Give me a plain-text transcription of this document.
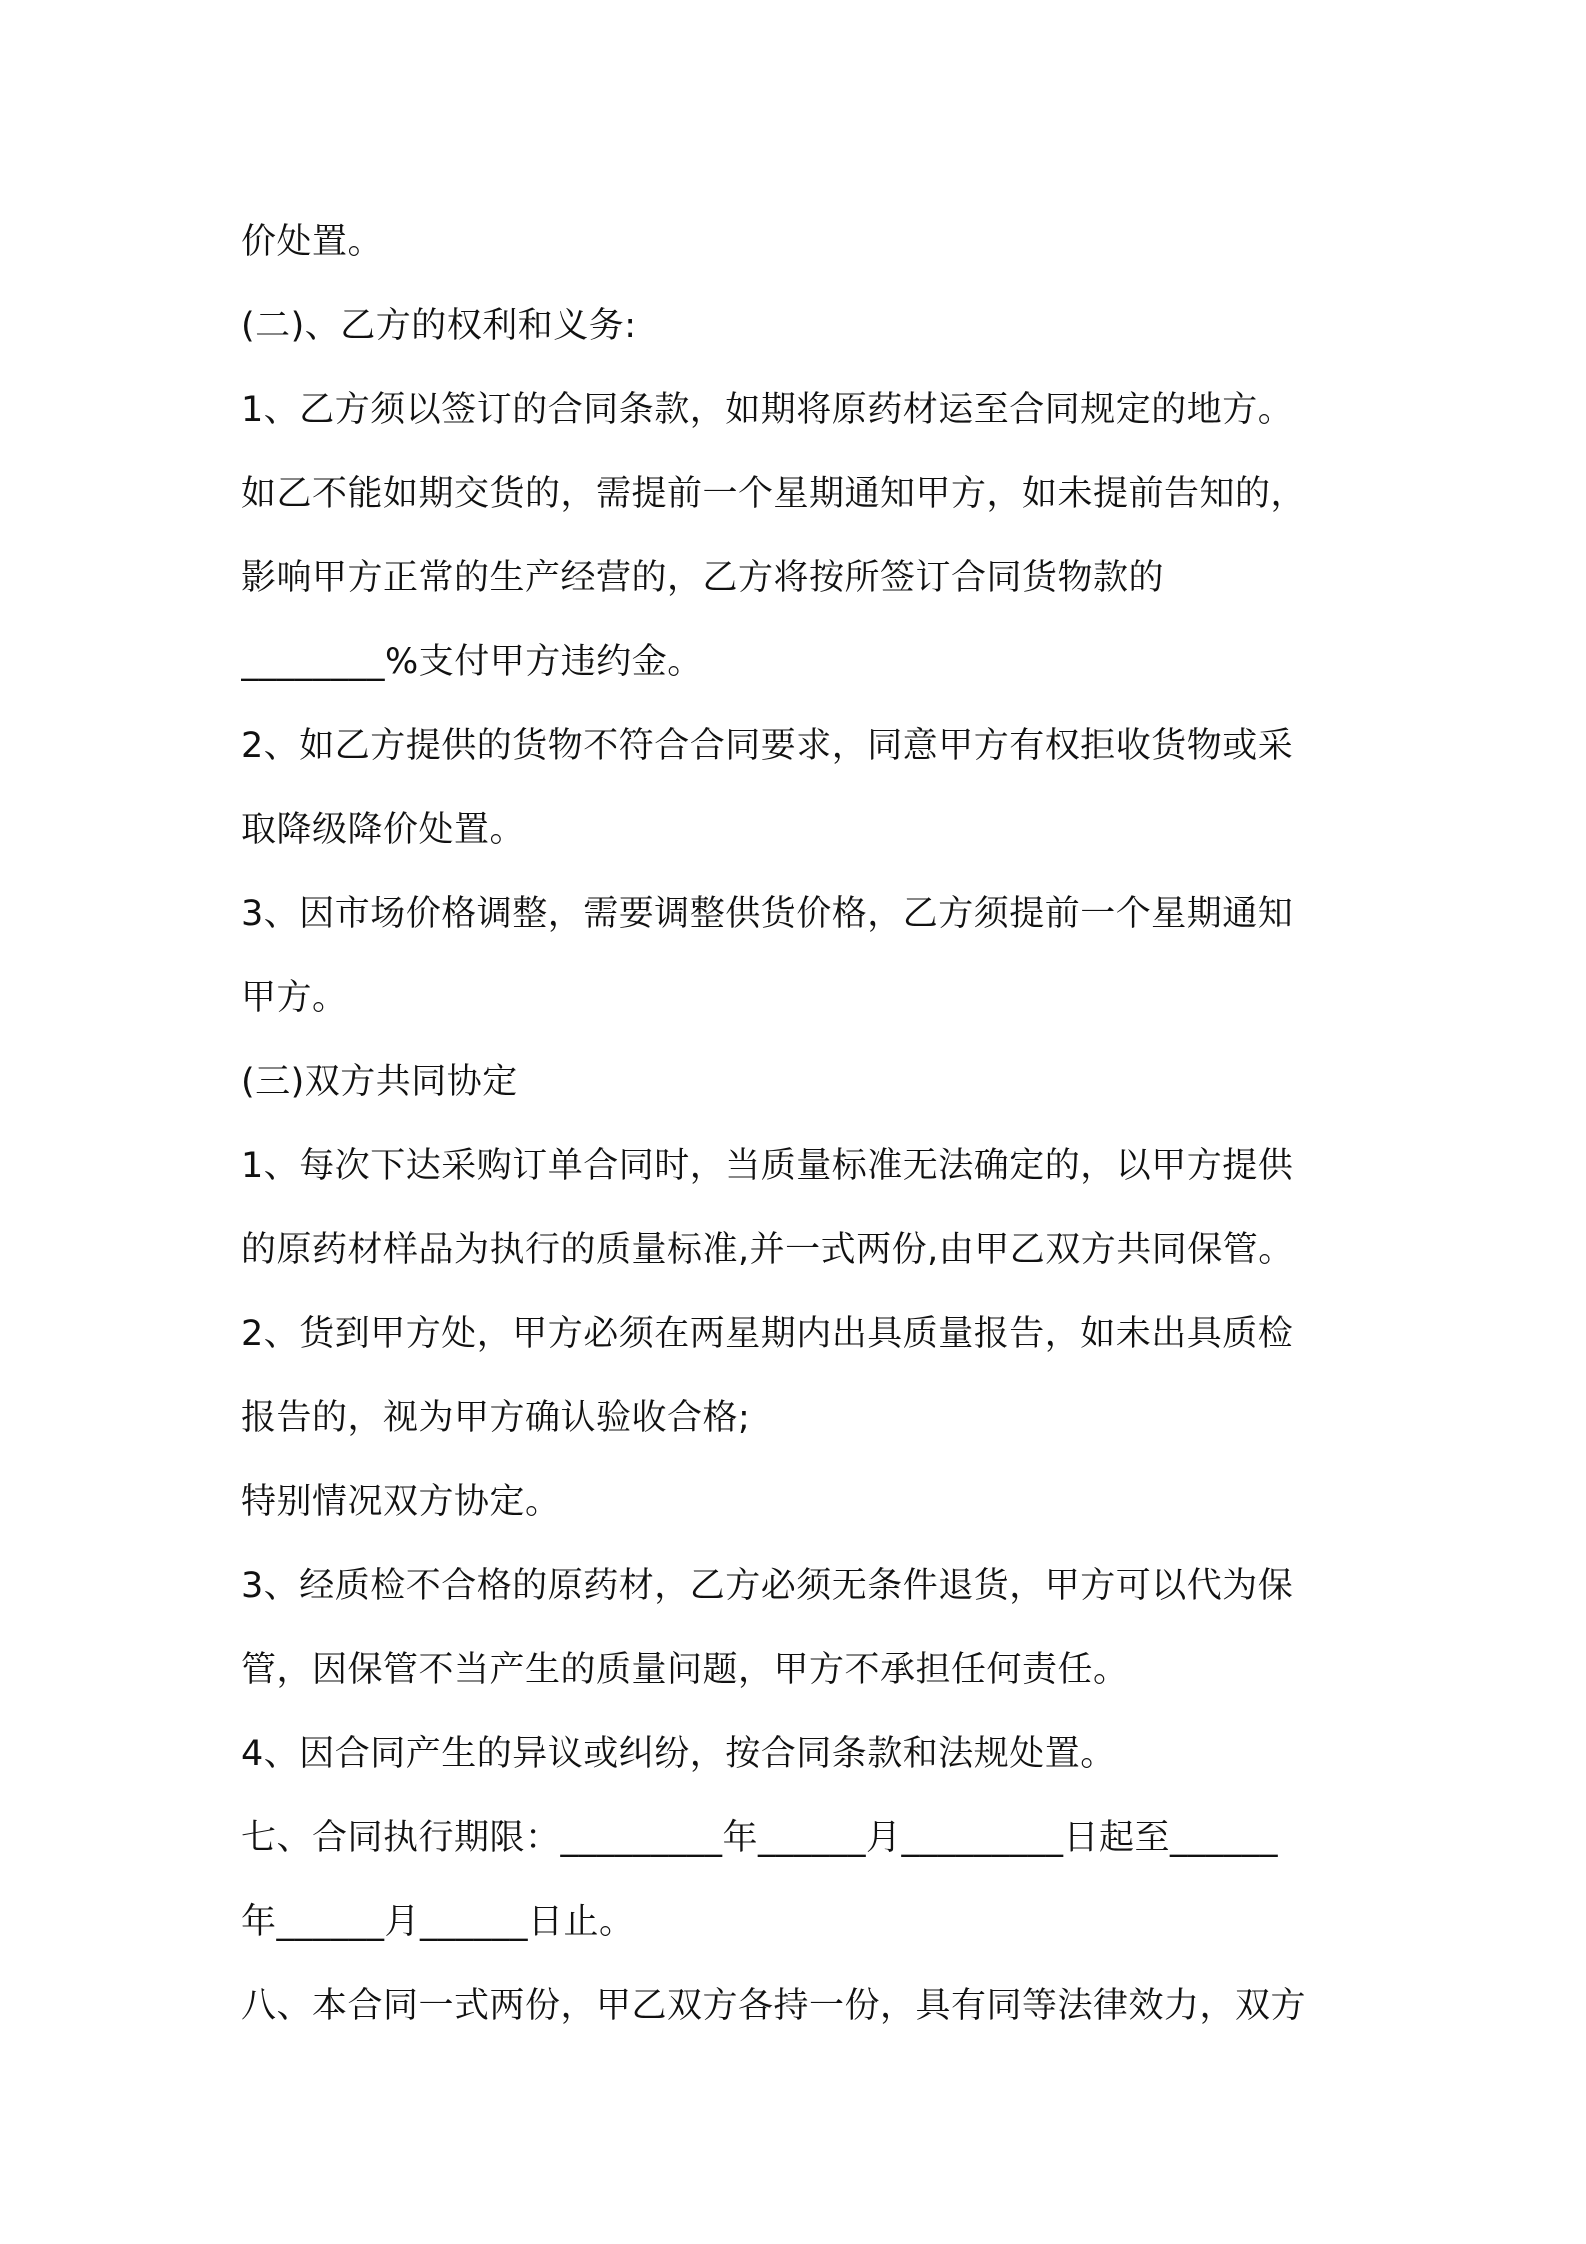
价处置。
(二)、乙方的权利和义务:
1、乙方须以签订的合同条款，如期将原药材运至合同规定的地方。
如乙不能如期交货的，需提前一个星期通知甲方，如未提前告知的，
影响甲方正常的生产经营的，乙方将按所签订合同货物款的
________%支付甲方违约金。
2、如乙方提供的货物不符合合同要求，同意甲方有权拒收货物或采
取降级降价处置。
3、因市场价格调整，需要调整供货价格，乙方须提前一个星期通知
甲方。
(三)双方共同协定
1、每次下达采购订单合同时，当质量标准无法确定的，以甲方提供
的原药材样品为执行的质量标准,并一式两份,由甲乙双方共同保管。
2、货到甲方处，甲方必须在两星期内出具质量报告，如未出具质检
报告的，视为甲方确认验收合格;
特别情况双方协定。
3、经质检不合格的原药材，乙方必须无条件退货，甲方可以代为保
管，因保管不当产生的质量问题，甲方不承担任何责任。
4、因合同产生的异议或纠纷，按合同条款和法规处置。
七、合同执行期限：_________年______月_________日起至______
年______月______日止。
八、本合同一式两份，甲乙双方各持一份，具有同等法律效力，双方
